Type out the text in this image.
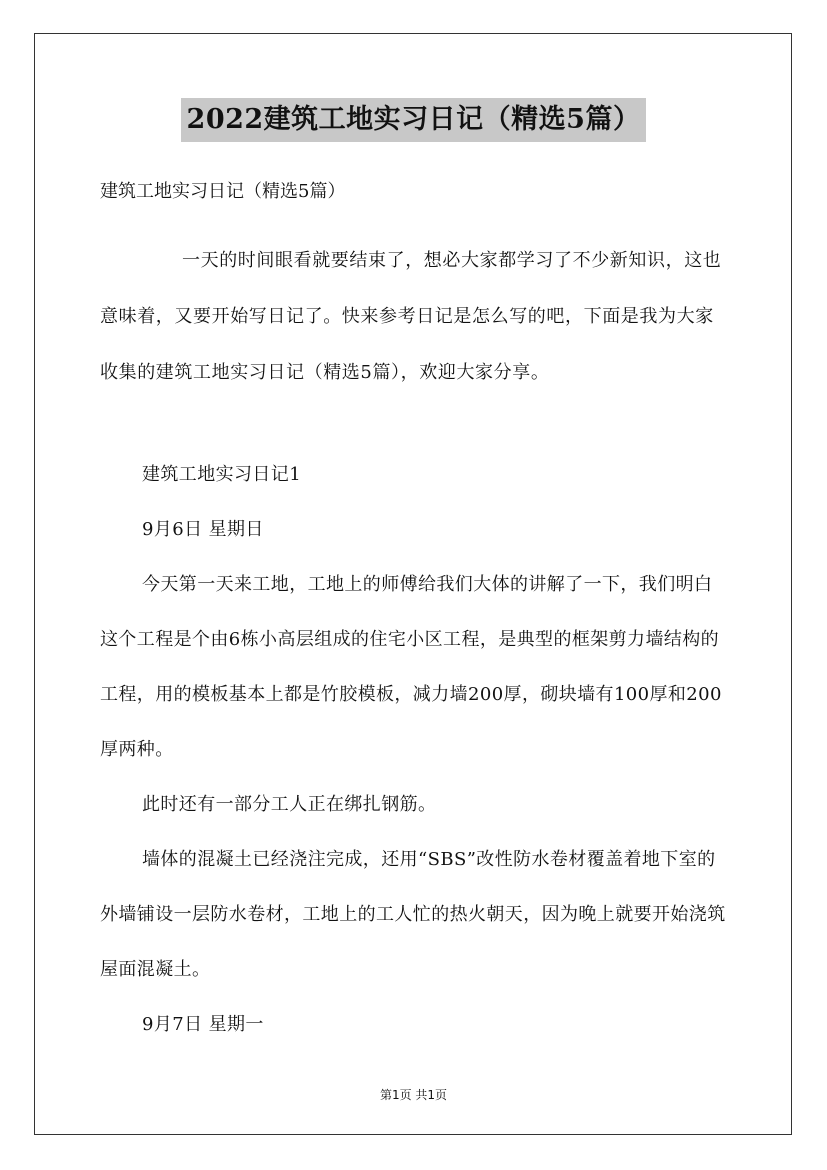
2022建筑工地实习日记（精选5篇）
建筑工地实习日记（精选5篇）

一天的时间眼看就要结束了，想必大家都学习了不少新知识，这也意味着，又要开始写日记了。快来参考日记是怎么写的吧，下面是我为大家收集的建筑工地实习日记（精选5篇），欢迎大家分享。

建筑工地实习日记1

9月6日 星期日

今天第一天来工地，工地上的师傅给我们大体的讲解了一下，我们明白这个工程是个由6栋小高层组成的住宅小区工程，是典型的框架剪力墙结构的工程，用的模板基本上都是竹胶模板，减力墙200厚，砌块墙有100厚和200厚两种。

此时还有一部分工人正在绑扎钢筋。

墙体的混凝土已经浇注完成，还用“SBS”改性防水卷材覆盖着地下室的外墙铺设一层防水卷材，工地上的工人忙的热火朝天，因为晚上就要开始浇筑屋面混凝土。

9月7日 星期一

第1页 共1页
